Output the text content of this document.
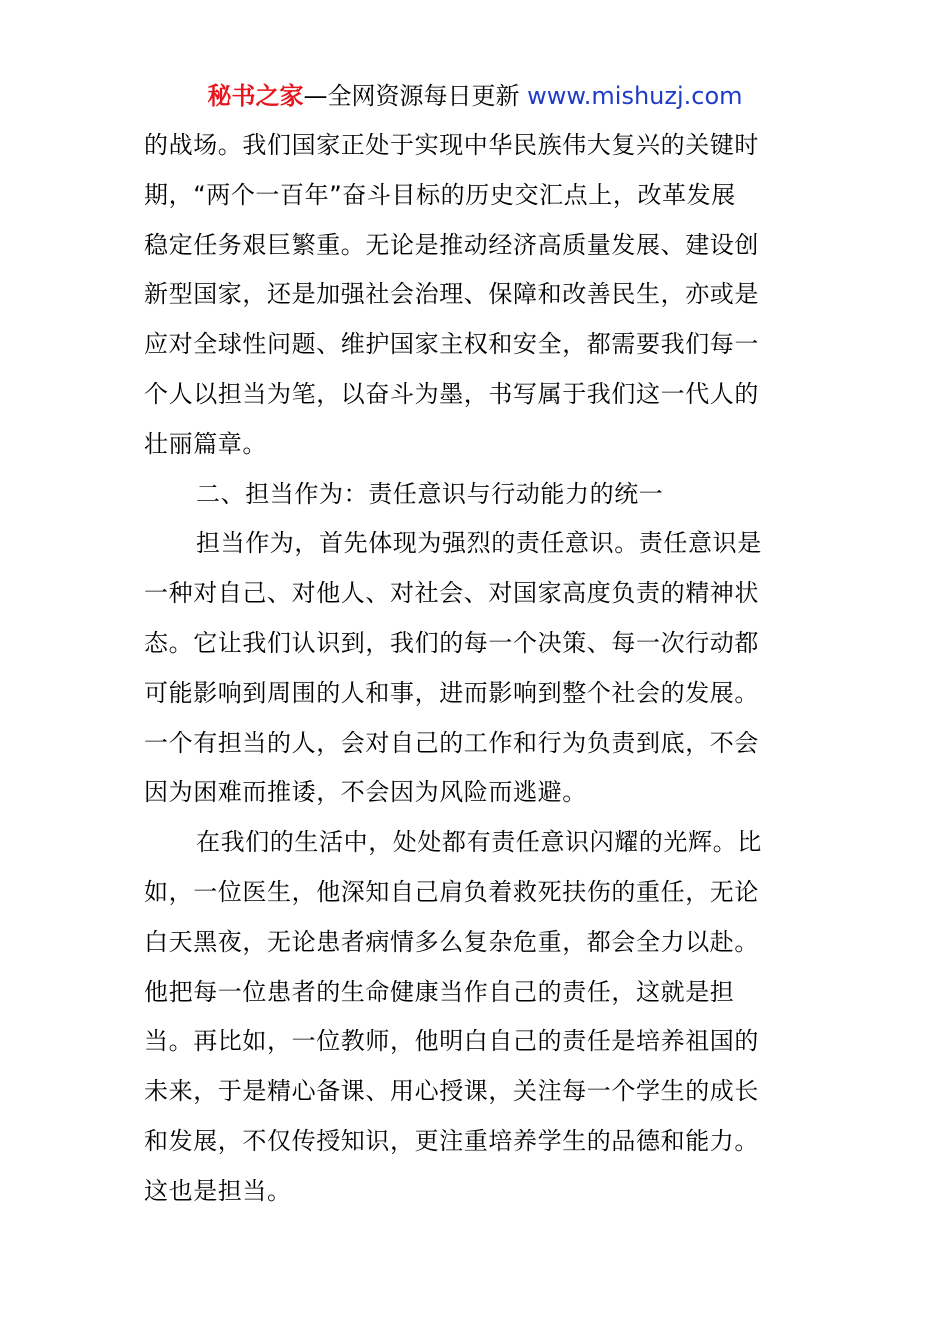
秘书之家—全网资源每日更新 www.mishuzj.com
的战场。我们国家正处于实现中华民族伟大复兴的关键时
期，“两个一百年”奋斗目标的历史交汇点上，改革发展
稳定任务艰巨繁重。无论是推动经济高质量发展、建设创
新型国家，还是加强社会治理、保障和改善民生，亦或是
应对全球性问题、维护国家主权和安全，都需要我们每一
个人以担当为笔，以奋斗为墨，书写属于我们这一代人的
壮丽篇章。
二、担当作为：责任意识与行动能力的统一
担当作为，首先体现为强烈的责任意识。责任意识是
一种对自己、对他人、对社会、对国家高度负责的精神状
态。它让我们认识到，我们的每一个决策、每一次行动都
可能影响到周围的人和事，进而影响到整个社会的发展。
一个有担当的人，会对自己的工作和行为负责到底，不会
因为困难而推诿，不会因为风险而逃避。
在我们的生活中，处处都有责任意识闪耀的光辉。比
如，一位医生，他深知自己肩负着救死扶伤的重任，无论
白天黑夜，无论患者病情多么复杂危重，都会全力以赴。
他把每一位患者的生命健康当作自己的责任，这就是担
当。再比如，一位教师，他明白自己的责任是培养祖国的
未来，于是精心备课、用心授课，关注每一个学生的成长
和发展，不仅传授知识，更注重培养学生的品德和能力。
这也是担当。
